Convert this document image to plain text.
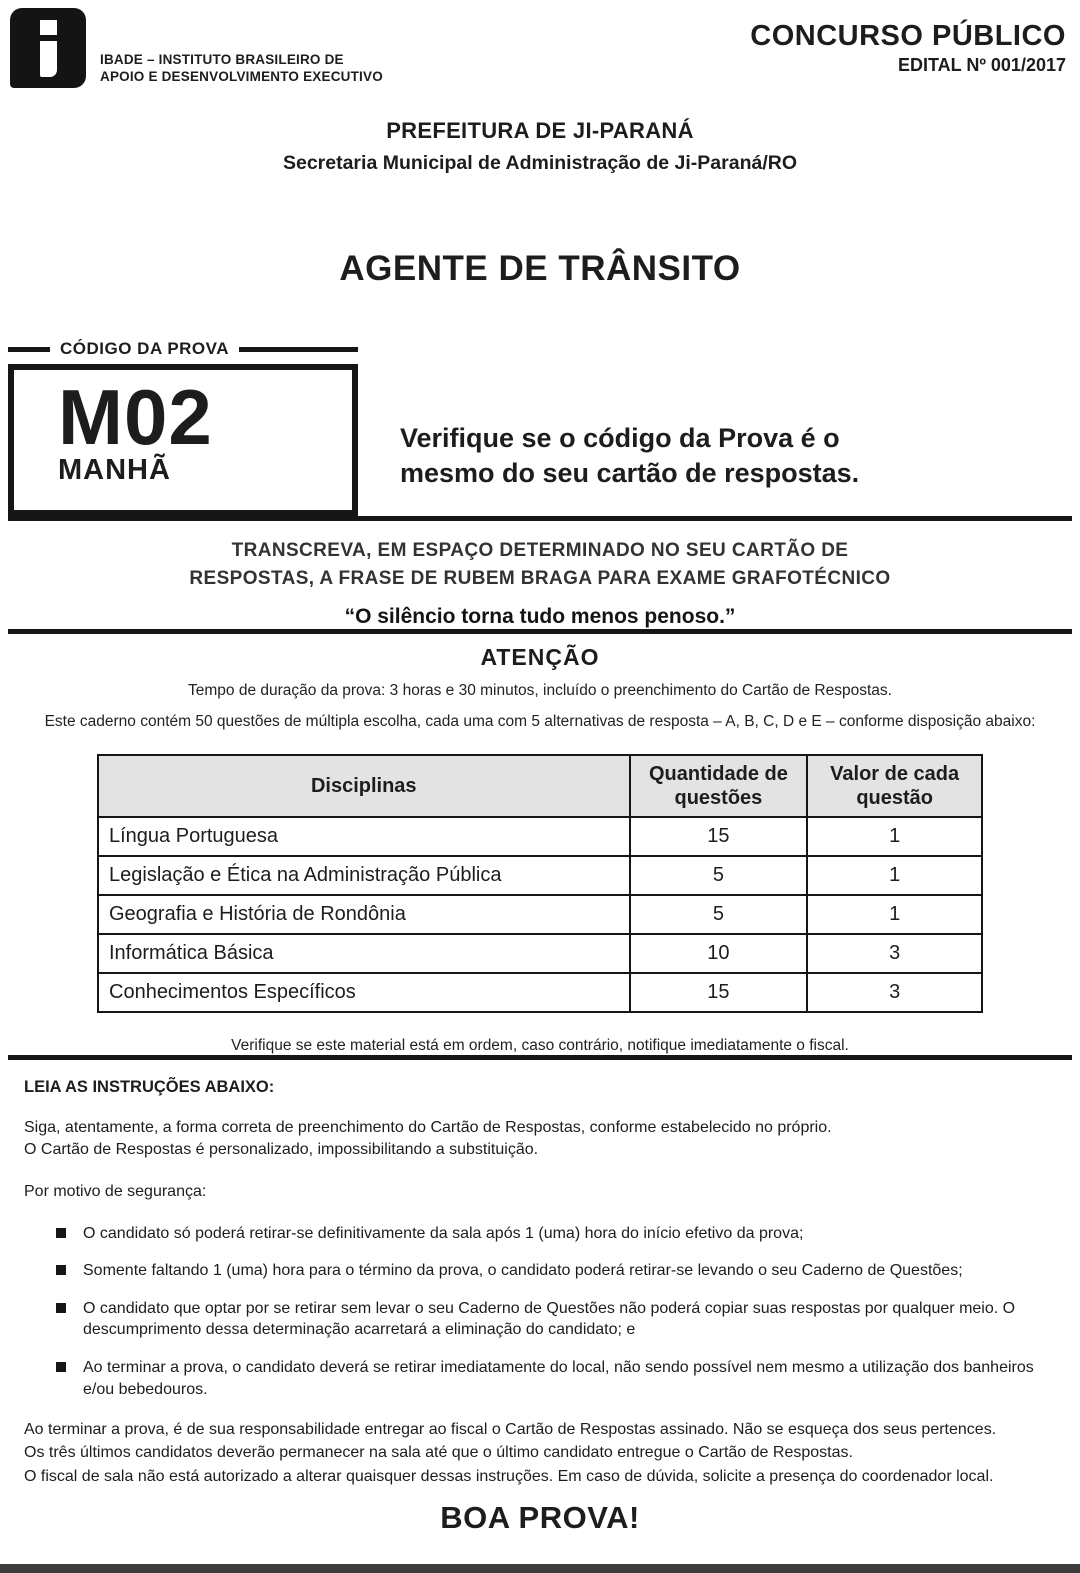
IBADE – INSTITUTO BRASILEIRO DE
APOIO E DESENVOLVIMENTO EXECUTIVO
CONCURSO PÚBLICO
EDITAL Nº 001/2017
PREFEITURA DE JI-PARANÁ
Secretaria Municipal de Administração de Ji-Paraná/RO
AGENTE DE TRÂNSITO
CÓDIGO DA PROVA
M02
MANHÃ
Verifique se o código da Prova é o
mesmo do seu cartão de respostas.
TRANSCREVA, EM ESPAÇO DETERMINADO NO SEU CARTÃO DE
RESPOSTAS, A FRASE DE RUBEM BRAGA PARA EXAME GRAFOTÉCNICO
“O silêncio torna tudo menos penoso.”
ATENÇÃO
Tempo de duração da prova: 3 horas e 30 minutos, incluído o preenchimento do Cartão de Respostas.
Este caderno contém 50 questões de múltipla escolha, cada uma com 5 alternativas de resposta – A, B, C, D e E – conforme disposição abaixo:
Disciplinas	Quantidade de questões	Valor de cada questão
Língua Portuguesa	15	1
Legislação e Ética na Administração Pública	5	1
Geografia e História de Rondônia	5	1
Informática Básica	10	3
Conhecimentos Específicos	15	3
Verifique se este material está em ordem, caso contrário, notifique imediatamente o fiscal.
LEIA AS INSTRUÇÕES ABAIXO:
Siga, atentamente, a forma correta de preenchimento do Cartão de Respostas, conforme estabelecido no próprio.
O Cartão de Respostas é personalizado, impossibilitando a substituição.
Por motivo de segurança:
O candidato só poderá retirar-se definitivamente da sala após 1 (uma) hora do início efetivo da prova;
Somente faltando 1 (uma) hora para o término da prova, o candidato poderá retirar-se levando o seu Caderno de Questões;
O candidato que optar por se retirar sem levar o seu Caderno de Questões não poderá copiar suas respostas por qualquer meio. O descumprimento dessa determinação acarretará a eliminação do candidato; e
Ao terminar a prova, o candidato deverá se retirar imediatamente do local, não sendo possível nem mesmo a utilização dos banheiros e/ou bebedouros.
Ao terminar a prova, é de sua responsabilidade entregar ao fiscal o Cartão de Respostas assinado. Não se esqueça dos seus pertences.
Os três últimos candidatos deverão permanecer na sala até que o último candidato entregue o Cartão de Respostas.
O fiscal de sala não está autorizado a alterar quaisquer dessas instruções. Em caso de dúvida, solicite a presença do coordenador local.
BOA PROVA!
